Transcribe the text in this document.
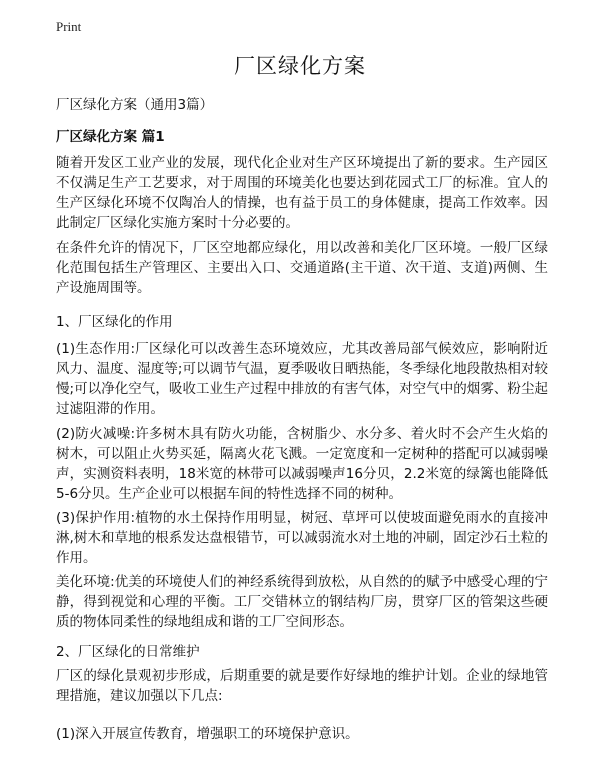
Print
厂区绿化方案
厂区绿化方案（通用3篇）
厂区绿化方案 篇1

随着开发区工业产业的发展，现代化企业对生产区环境提出了新的要求。生产园区不仅满足生产工艺要求，对于周围的环境美化也要达到花园式工厂的标准。宜人的生产区绿化环境不仅陶冶人的情操，也有益于员工的身体健康，提高工作效率。因此制定厂区绿化实施方案时十分必要的。

在条件允许的情况下，厂区空地都应绿化，用以改善和美化厂区环境。一般厂区绿化范围包括生产管理区、主要出入口、交通道路(主干道、次干道、支道)两侧、生产设施周围等。

1、厂区绿化的作用

(1)生态作用:厂区绿化可以改善生态环境效应，尤其改善局部气候效应，影响附近风力、温度、湿度等;可以调节气温，夏季吸收日晒热能，冬季绿化地段散热相对较慢;可以净化空气，吸收工业生产过程中排放的有害气体，对空气中的烟雾、粉尘起过滤阻滞的作用。

(2)防火减噪:许多树木具有防火功能，含树脂少、水分多、着火时不会产生火焰的树木，可以阻止火势买延，隔离火花飞溅。一定宽度和一定树种的搭配可以减弱噪声，实测资料表明，18米宽的林带可以减弱噪声16分贝，2.2米宽的绿篱也能降低5-6分贝。生产企业可以根据车间的特性选择不同的树种。

(3)保护作用:植物的水土保持作用明显，树冠、草坪可以使坡面避免雨水的直接冲淋,树木和草地的根系发达盘根错节，可以减弱流水对土地的冲刷，固定沙石土粒的作用。

美化环境:优美的环境使人们的神经系统得到放松，从自然的的赋予中感受心理的宁静，得到视觉和心理的平衡。工厂交错林立的钢结构厂房，贯穿厂区的管架这些硬质的物体同柔性的绿地组成和谐的工厂空间形态。

2、厂区绿化的日常维护

厂区的绿化景观初步形成，后期重要的就是要作好绿地的维护计划。企业的绿地管理措施，建议加强以下几点:

(1)深入开展宣传教育，增强职工的环境保护意识。
